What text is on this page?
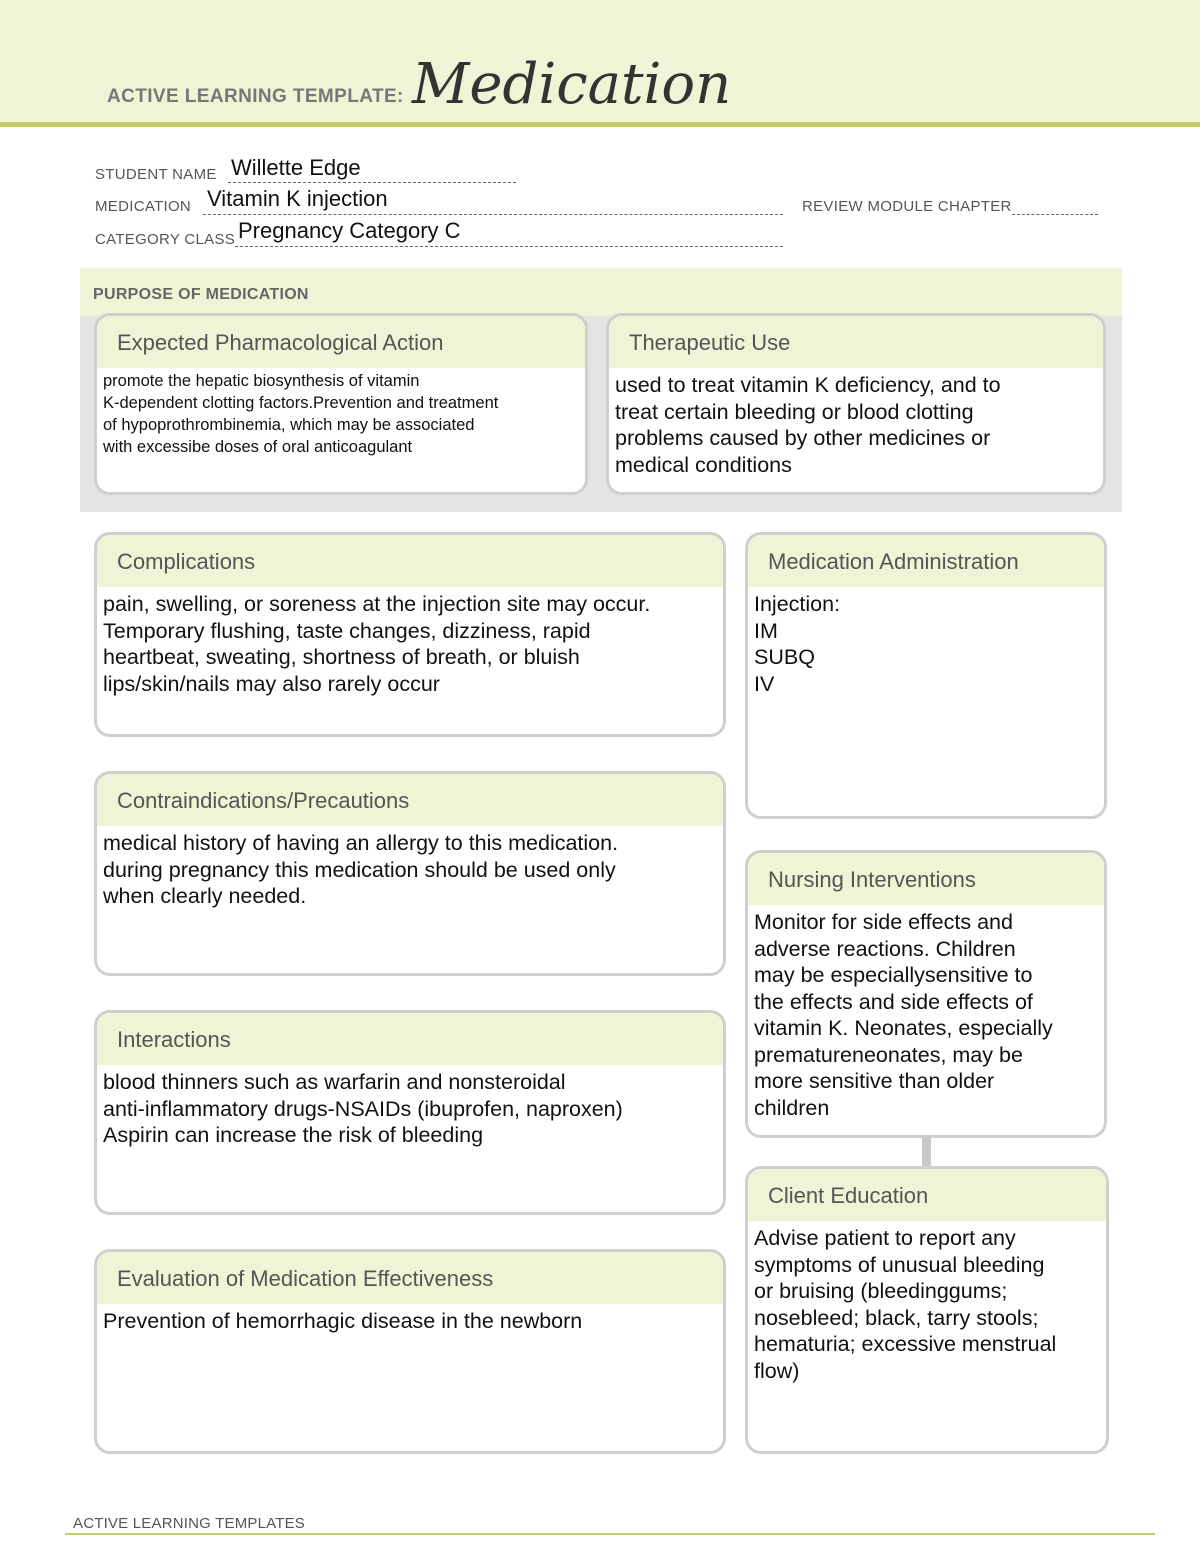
ACTIVE LEARNING TEMPLATE: Medication
STUDENT NAME Willette Edge
MEDICATION Vitamin K injection	REVIEW MODULE CHAPTER
CATEGORY CLASS Pregnancy Category C
PURPOSE OF MEDICATION
Expected Pharmacological Action
promote the hepatic biosynthesis of vitamin
K-dependent clotting factors.Prevention and treatment
of hypoprothrombinemia, which may be associated
with excessibe doses of oral anticoagulant
Therapeutic Use
used to treat vitamin K deficiency, and to
treat certain bleeding or blood clotting
problems caused by other medicines or
medical conditions
Complications
pain, swelling, or soreness at the injection site may occur.
Temporary flushing, taste changes, dizziness, rapid
heartbeat, sweating, shortness of breath, or bluish
lips/skin/nails may also rarely occur
Contraindications/Precautions
medical history of having an allergy to this medication.
during pregnancy this medication should be used only
when clearly needed.
Interactions
blood thinners such as warfarin and nonsteroidal
anti-inflammatory drugs-NSAIDs (ibuprofen, naproxen)
Aspirin can increase the risk of bleeding
Evaluation of Medication Effectiveness
Prevention of hemorrhagic disease in the newborn
Medication Administration
Injection:
IM
SUBQ
IV
Nursing Interventions
Monitor for side effects and
adverse reactions. Children
may be especiallysensitive to
the effects and side effects of
vitamin K. Neonates, especially
prematureneonates, may be
more sensitive than older
children
Client Education
Advise patient to report any
symptoms of unusual bleeding
or bruising (bleedinggums;
nosebleed; black, tarry stools;
hematuria; excessive menstrual
flow)
ACTIVE LEARNING TEMPLATES
